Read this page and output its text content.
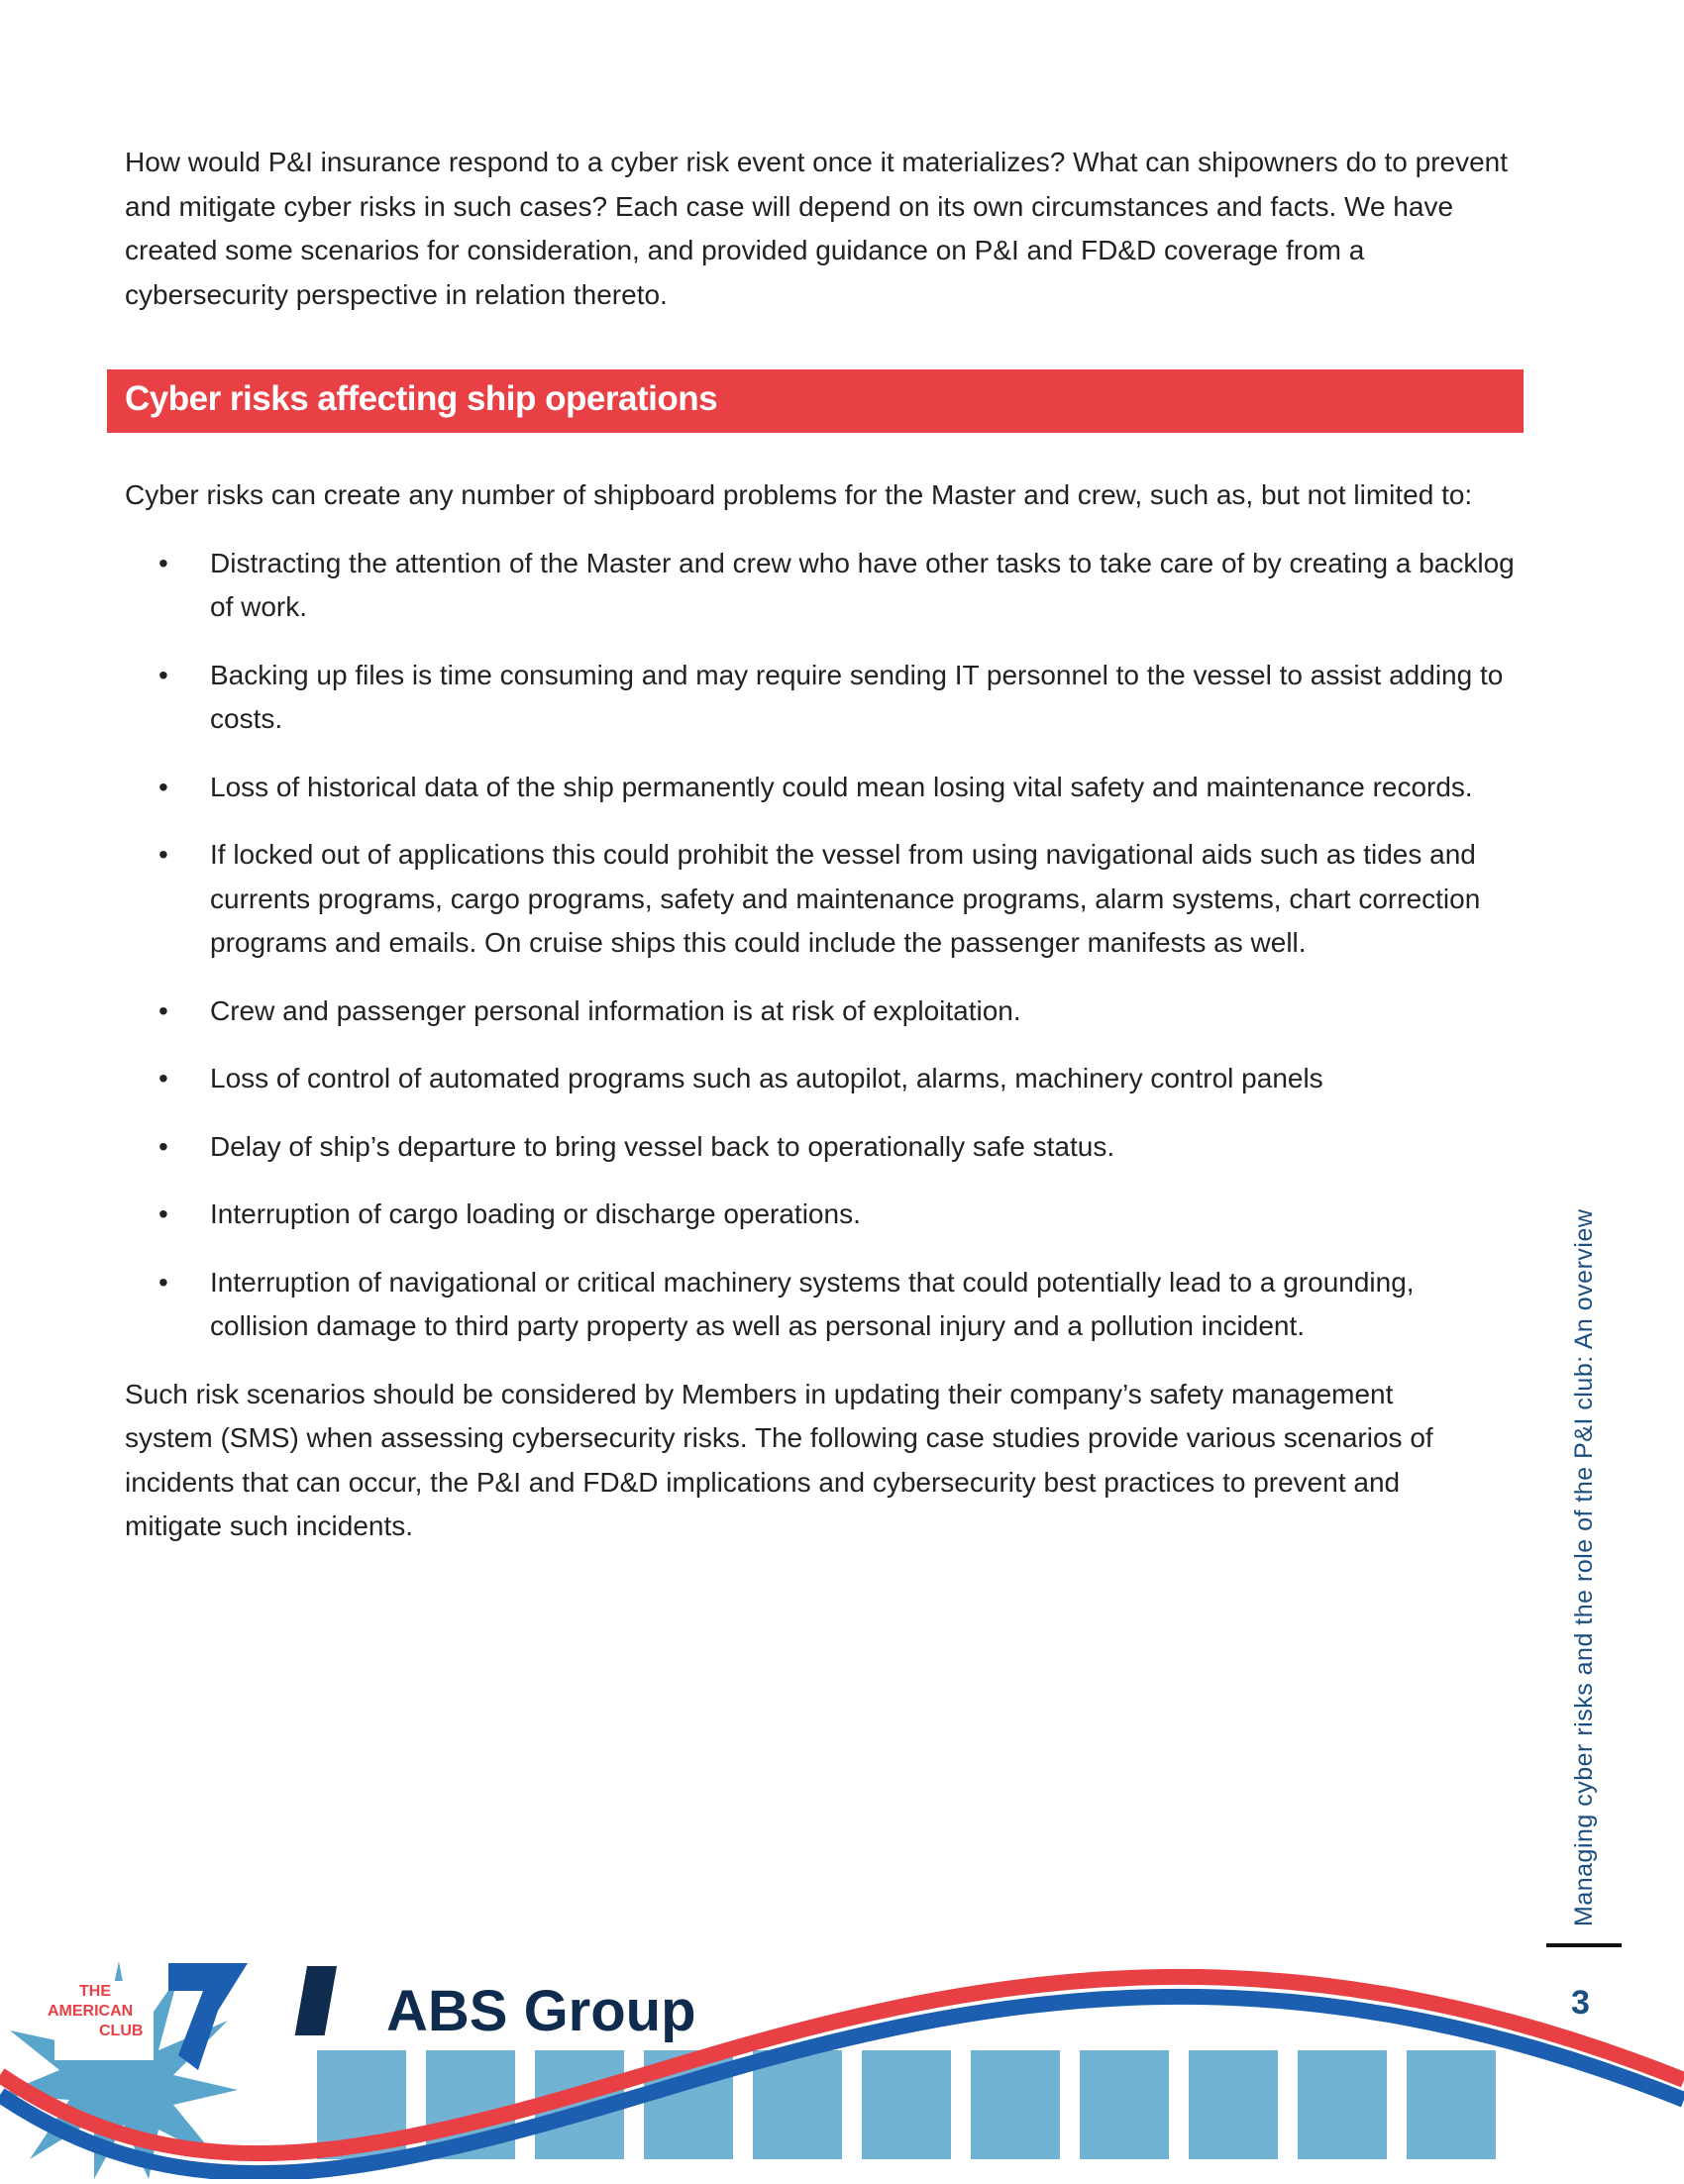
How would P&I insurance respond to a cyber risk event once it materializes? What can shipowners do to prevent and mitigate cyber risks in such cases? Each case will depend on its own circumstances and facts. We have created some scenarios for consideration, and provided guidance on P&I and FD&D coverage from a cybersecurity perspective in relation thereto.
Cyber risks affecting ship operations
Cyber risks can create any number of shipboard problems for the Master and crew, such as, but not limited to:
• Distracting the attention of the Master and crew who have other tasks to take care of by creating a backlog of work.
• Backing up files is time consuming and may require sending IT personnel to the vessel to assist adding to costs.
• Loss of historical data of the ship permanently could mean losing vital safety and maintenance records.
• If locked out of applications this could prohibit the vessel from using navigational aids such as tides and currents programs, cargo programs, safety and maintenance programs, alarm systems, chart correction programs and emails. On cruise ships this could include the passenger manifests as well.
• Crew and passenger personal information is at risk of exploitation.
• Loss of control of automated programs such as autopilot, alarms, machinery control panels
• Delay of ship’s departure to bring vessel back to operationally safe status.
• Interruption of cargo loading or discharge operations.
• Interruption of navigational or critical machinery systems that could potentially lead to a grounding, collision damage to third party property as well as personal injury and a pollution incident.
Such risk scenarios should be considered by Members in updating their company’s safety management system (SMS) when assessing cybersecurity risks. The following case studies provide various scenarios of incidents that can occur, the P&I and FD&D implications and cybersecurity best practices to prevent and mitigate such incidents.	Managing cyber risks and the role of the P&I club: An overview
THE
AMERICAN
CLUB	ABS Group	3
